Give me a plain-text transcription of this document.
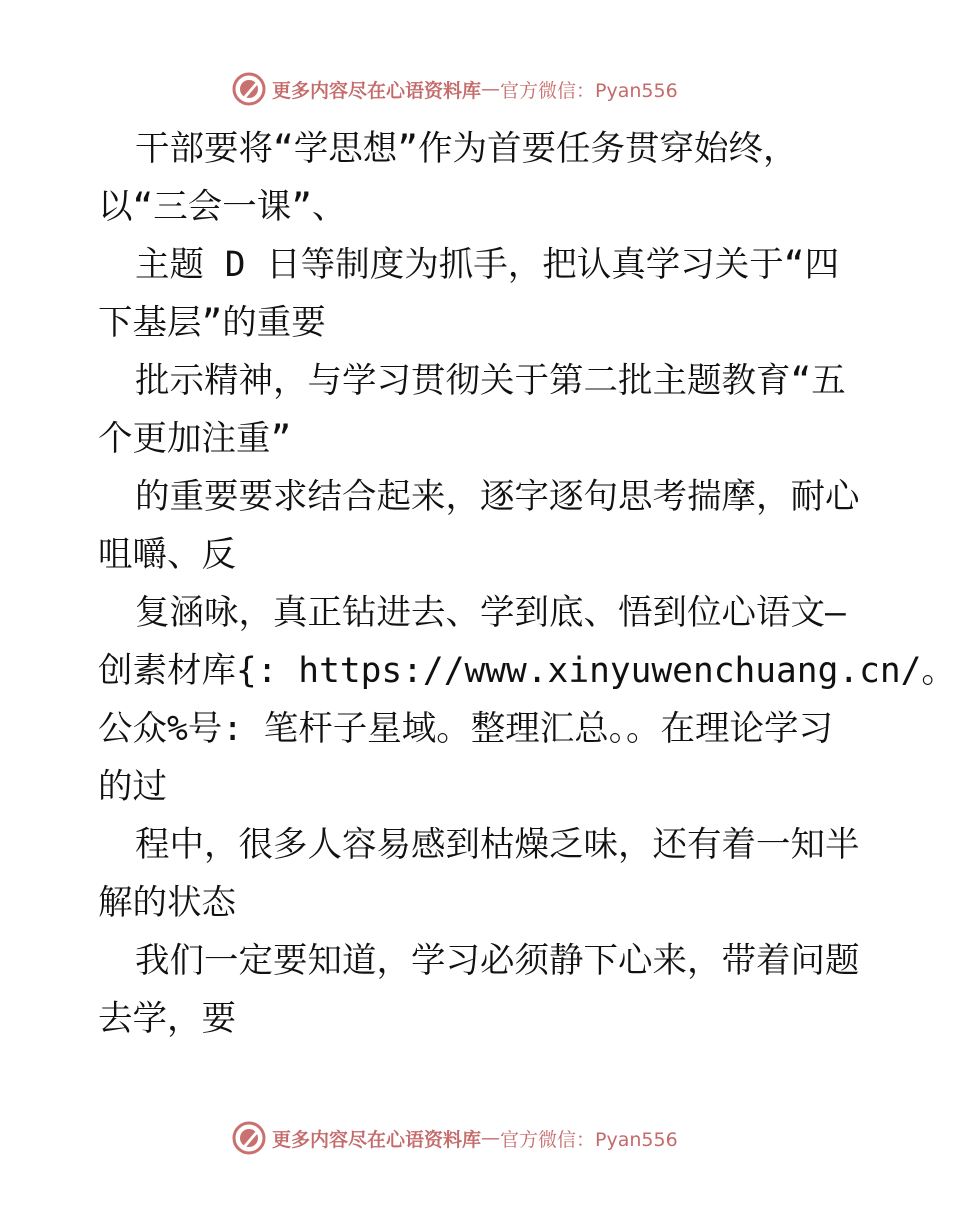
更多内容尽在心语资料库 — 官方微信：Pyan556
干部要将“学思想”作为首要任务贯穿始终，
以“三会一课”、
主题 D 日等制度为抓手，把认真学习关于“四
下基层”的重要
批示精神，与学习贯彻关于第二批主题教育“五
个更加注重”
的重要要求结合起来，逐字逐句思考揣摩，耐心
咀嚼、反
复涵咏，真正钻进去、学到底、悟到位心语文—
创素材库{: https://www.xinyuwenchuang.cn/。
公众%号: 笔杆子星域。整理汇总。。在理论学习
的过
程中，很多人容易感到枯燥乏味，还有着一知半
解的状态
我们一定要知道，学习必须静下心来，带着问题
去学，要
更多内容尽在心语资料库 — 官方微信：Pyan556
